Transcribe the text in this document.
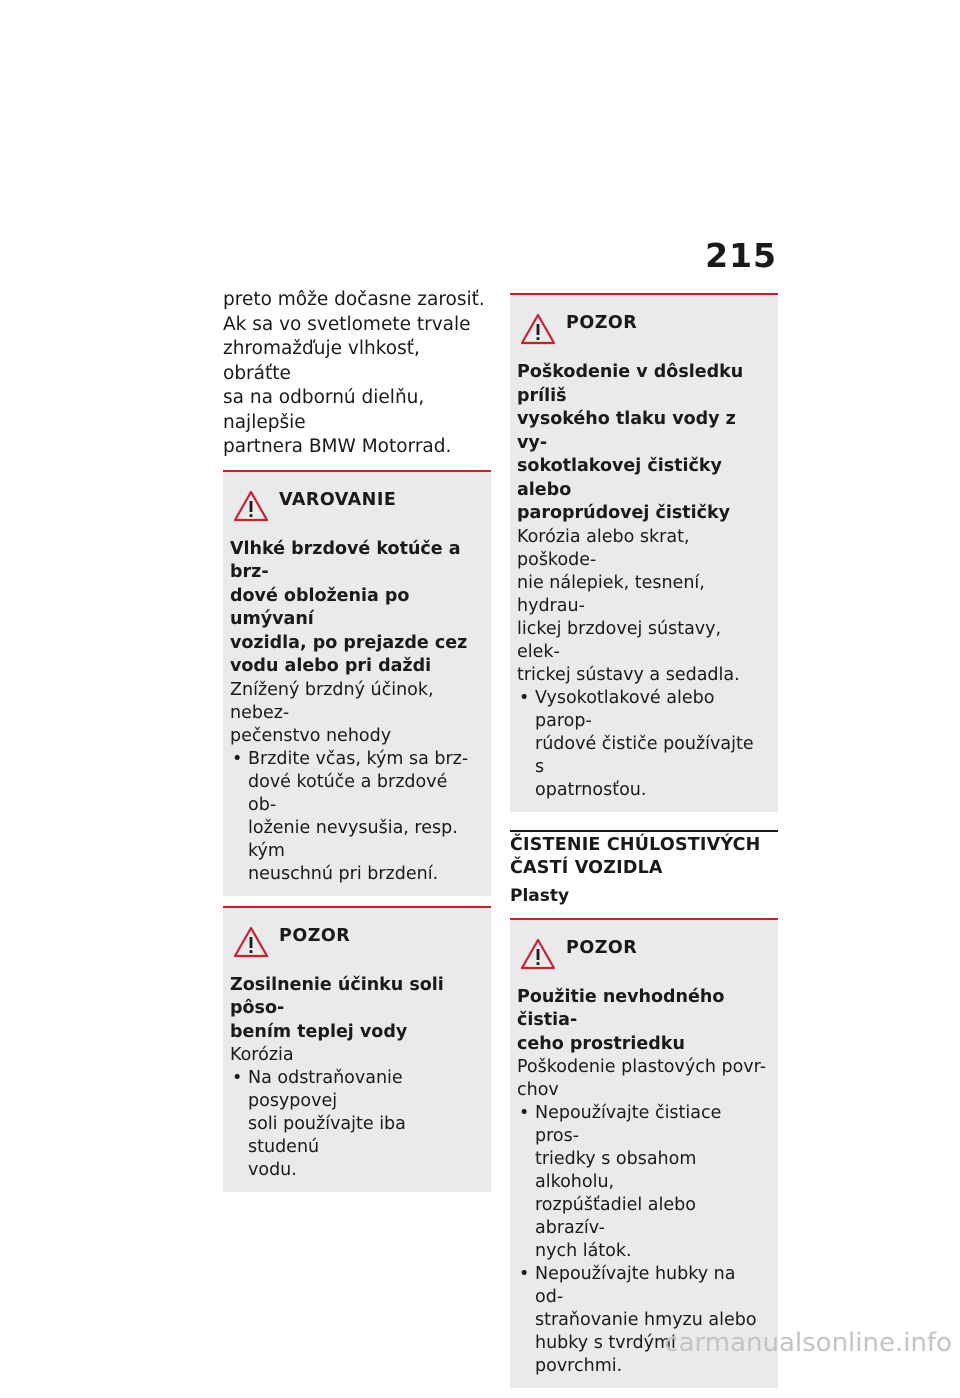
215

preto môže dočasne zarosiť.
Ak sa vo svetlomete trvale
zhromažďuje vlhkosť, obráťte
sa na odbornú dielňu, najlepšie
partnera BMW Motorrad.

VAROVANIE

Vlhké brzdové kotúče a brz-
dové obloženia po umývaní
vozidla, po prejazde cez
vodu alebo pri daždi

Znížený brzdný účinok, nebez-
pečenstvo nehody

• Brzdite včas, kým sa brz-
dové kotúče a brzdové ob-
loženie nevysušia, resp. kým
neuschnú pri brzdení.

POZOR

Zosilnenie účinku soli pôso-
bením teplej vody

Korózia

• Na odstraňovanie posypovej
soli používajte iba studenú
vodu.

POZOR

Poškodenie v dôsledku príliš
vysokého tlaku vody z vy-
sokotlakovej čističky alebo
paroprúdovej čističky

Korózia alebo skrat, poškode-
nie nálepiek, tesnení, hydrau-
lickej brzdovej sústavy, elek-
trickej sústavy a sedadla.

• Vysokotlakové alebo parop-
rúdové čističe používajte s
opatrnosťou.
ČISTENIE CHÚLOSTIVÝCH
ČASTÍ VOZIDLA
Plasty

POZOR

Použitie nevhodného čistia-
ceho prostriedku

Poškodenie plastových povr-
chov

• Nepoužívajte čistiace pros-
triedky s obsahom alkoholu,
rozpúšťadiel alebo abrazív-
nych látok.
• Nepoužívajte hubky na od-
straňovanie hmyzu alebo
hubky s tvrdými povrchmi.
carmanualsonline.info
